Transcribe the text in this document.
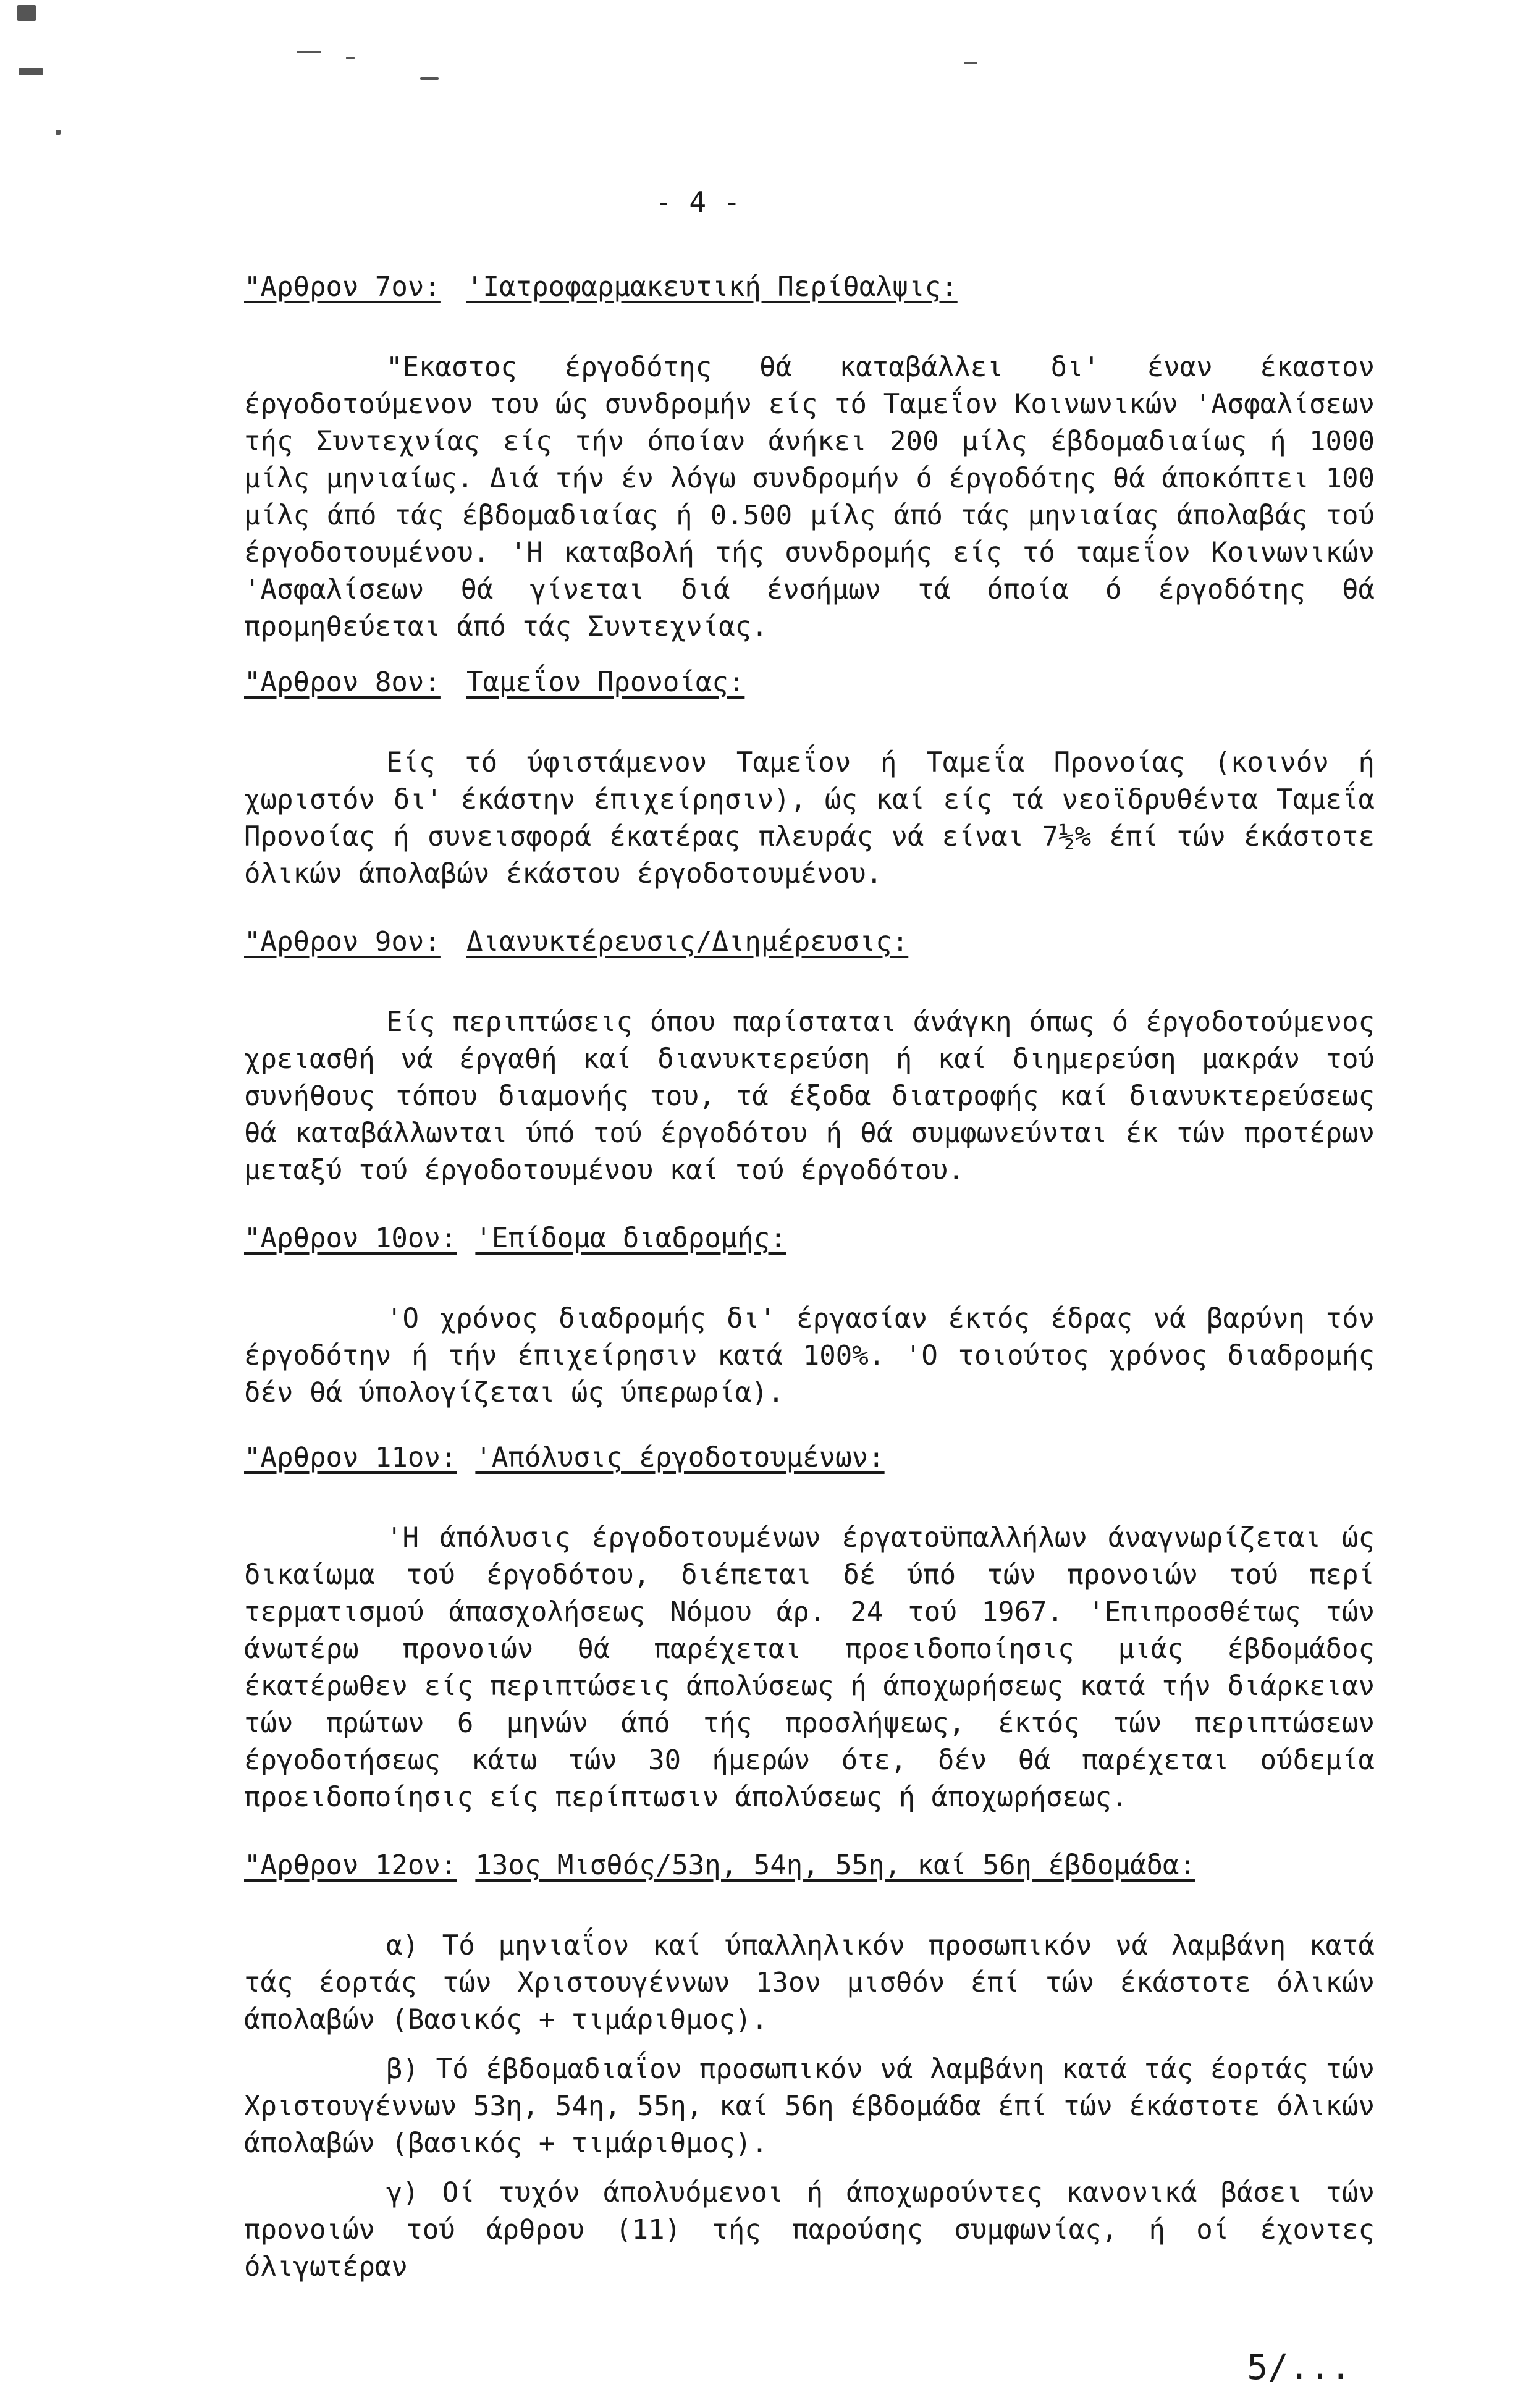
- 4 -
"Αρθρον 7ον: 'Ιατροφαρμακευτική Περίθαλψις:

"Εκαστος έργοδότης θά καταβάλλει δι' έναν έκαστον έργοδοτούμενον του ώς συνδρομήν είς τό Ταμεΐον Κοινωνικών 'Ασφαλίσεων τής Συντεχνίας είς τήν όποίαν άνήκει 200 μίλς έβδομαδιαίως ή 1000 μίλς μηνιαίως. Διά τήν έν λόγω συνδρομήν ό έργοδότης θά άποκόπτει 100 μίλς άπό τάς έβδομαδιαίας ή 0.500 μίλς άπό τάς μηνιαίας άπολαβάς τού έργοδοτουμένου. 'Η καταβολή τής συνδρομής είς τό ταμεΐον Κοινωνικών 'Ασφαλίσεων θά γίνεται διά ένσήμων τά όποία ό έργοδότης θά προμηθεύεται άπό τάς Συντεχνίας.

"Αρθρον 8ον: Ταμεΐον Προνοίας:

Είς τό ύφιστάμενον Ταμεΐον ή Ταμεΐα Προνοίας (κοινόν ή χωριστόν δι' έκάστην έπιχείρησιν), ώς καί είς τά νεοϊδρυθέντα Ταμεΐα Προνοίας ή συνεισφορά έκατέρας πλευράς νά είναι 7½% έπί τών έκάστοτε όλικών άπολαβών έκάστου έργοδοτουμένου.

"Αρθρον 9ον: Διανυκτέρευσις/Διημέρευσις:

Είς περιπτώσεις όπου παρίσταται άνάγκη όπως ό έργοδοτούμενος χρειασθή νά έργαθή καί διανυκτερεύση ή καί διημερεύση μακράν τού συνήθους τόπου διαμονής του, τά έξοδα διατροφής καί διανυκτερεύσεως θά καταβάλλωνται ύπό τού έργοδότου ή θά συμφωνεύνται έκ τών προτέρων μεταξύ τού έργοδοτουμένου καί τού έργοδότου.

"Αρθρον 10ον: 'Επίδομα διαδρομής:

'Ο χρόνος διαδρομής δι' έργασίαν έκτός έδρας νά βαρύνη τόν έργοδότην ή τήν έπιχείρησιν κατά 100%. 'Ο τοιούτος χρόνος διαδρομής δέν θά ύπολογίζεται ώς ύπερωρία).

"Αρθρον 11ον: 'Απόλυσις έργοδοτουμένων:

'Η άπόλυσις έργοδοτουμένων έργατοϋπαλλήλων άναγνωρίζεται ώς δικαίωμα τού έργοδότου, διέπεται δέ ύπό τών προνοιών τού περί τερματισμού άπασχολήσεως Νόμου άρ. 24 τού 1967. 'Επιπροσθέτως τών άνωτέρω προνοιών θά παρέχεται προειδοποίησις μιάς έβδομάδος έκατέρωθεν είς περιπτώσεις άπολύσεως ή άποχωρήσεως κατά τήν διάρκειαν τών πρώτων 6 μηνών άπό τής προσλήψεως, έκτός τών περιπτώσεων έργοδοτήσεως κάτω τών 30 ήμερών ότε, δέν θά παρέχεται ούδεμία προειδοποίησις είς περίπτωσιν άπολύσεως ή άποχωρήσεως.

"Αρθρον 12ον: 13ος Μισθός/53η, 54η, 55η, καί 56η έβδομάδα:

α) Τό μηνιαΐον καί ύπαλληλικόν προσωπικόν νά λαμβάνη κατά τάς έορτάς τών Χριστουγέννων 13ον μισθόν έπί τών έκάστοτε όλικών άπολαβών (Βασικός + τιμάριθμος).

β) Τό έβδομαδιαΐον προσωπικόν νά λαμβάνη κατά τάς έορτάς τών Χριστουγέννων 53η, 54η, 55η, καί 56η έβδομάδα έπί τών έκάστοτε όλικών άπολαβών (βασικός + τιμάριθμος).

γ) Οί τυχόν άπολυόμενοι ή άποχωρούντες κανονικά βάσει τών προνοιών τού άρθρου (11) τής παρούσης συμφωνίας, ή οί έχοντες όλιγωτέραν

5/...
